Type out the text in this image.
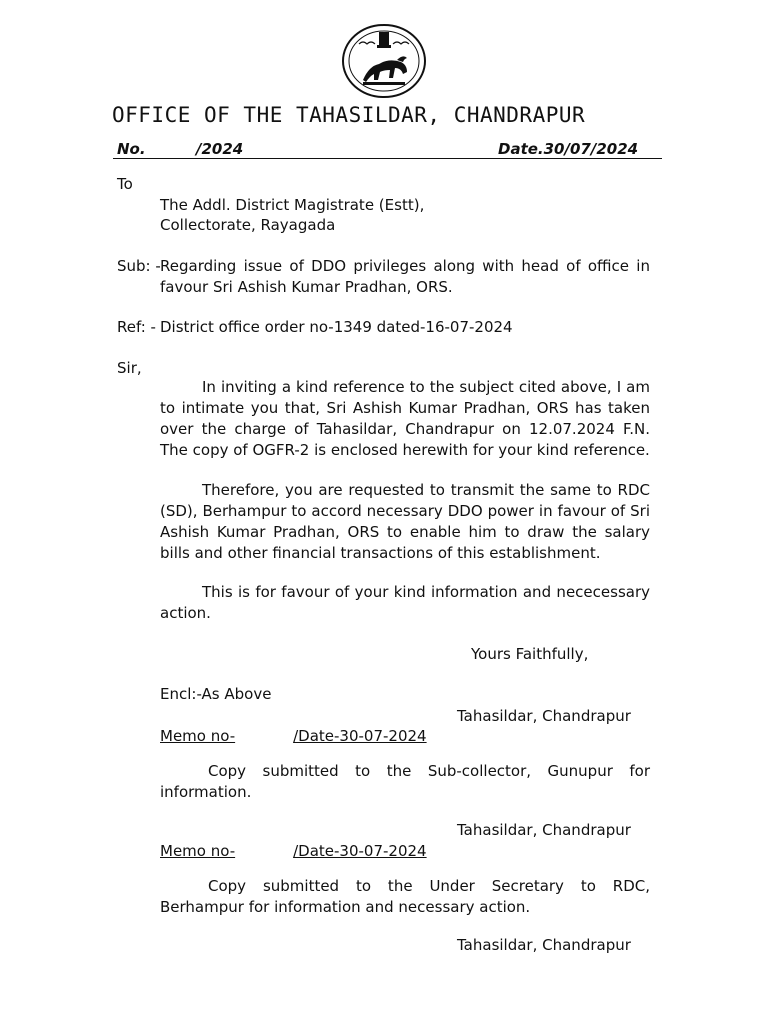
OFFICE OF THE TAHASILDAR, CHANDRAPUR
No.	/2024	Date.30/07/2024
To
The Addl. District Magistrate (Estt),
Collectorate, Rayagada
Sub: - Regarding issue of DDO privileges along with head of office in
favour Sri Ashish Kumar Pradhan, ORS.
Ref: - District office order no-1349 dated-16-07-2024
Sir,
In inviting a kind reference to the subject cited above, I am to intimate you that, Sri Ashish Kumar Pradhan, ORS has taken over the charge of Tahasildar, Chandrapur on 12.07.2024 F.N. The copy of OGFR-2 is enclosed herewith for your kind reference.
Therefore, you are requested to transmit the same to RDC (SD), Berhampur to accord necessary DDO power in favour of Sri Ashish Kumar Pradhan, ORS to enable him to draw the salary bills and other financial transactions of this establishment.
This is for favour of your kind information and nececessary action.
Yours Faithfully,
Encl:-As Above
Tahasildar, Chandrapur
Memo no-	/Date-30-07-2024
Copy submitted to the Sub-collector, Gunupur for information.
Tahasildar, Chandrapur
Memo no-	/Date-30-07-2024
Copy submitted to the Under Secretary to RDC, Berhampur for information and necessary action.
Tahasildar, Chandrapur
